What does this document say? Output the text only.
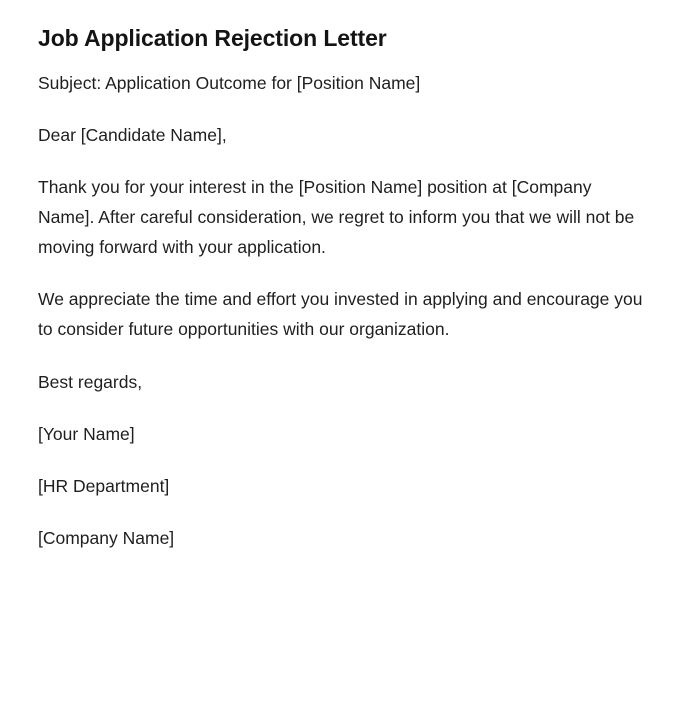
Job Application Rejection Letter

Subject: Application Outcome for [Position Name]

Dear [Candidate Name],

Thank you for your interest in the [Position Name] position at [Company Name]. After careful consideration, we regret to inform you that we will not be moving forward with your application.

We appreciate the time and effort you invested in applying and encourage you to consider future opportunities with our organization.

Best regards,

[Your Name]

[HR Department]

[Company Name]
